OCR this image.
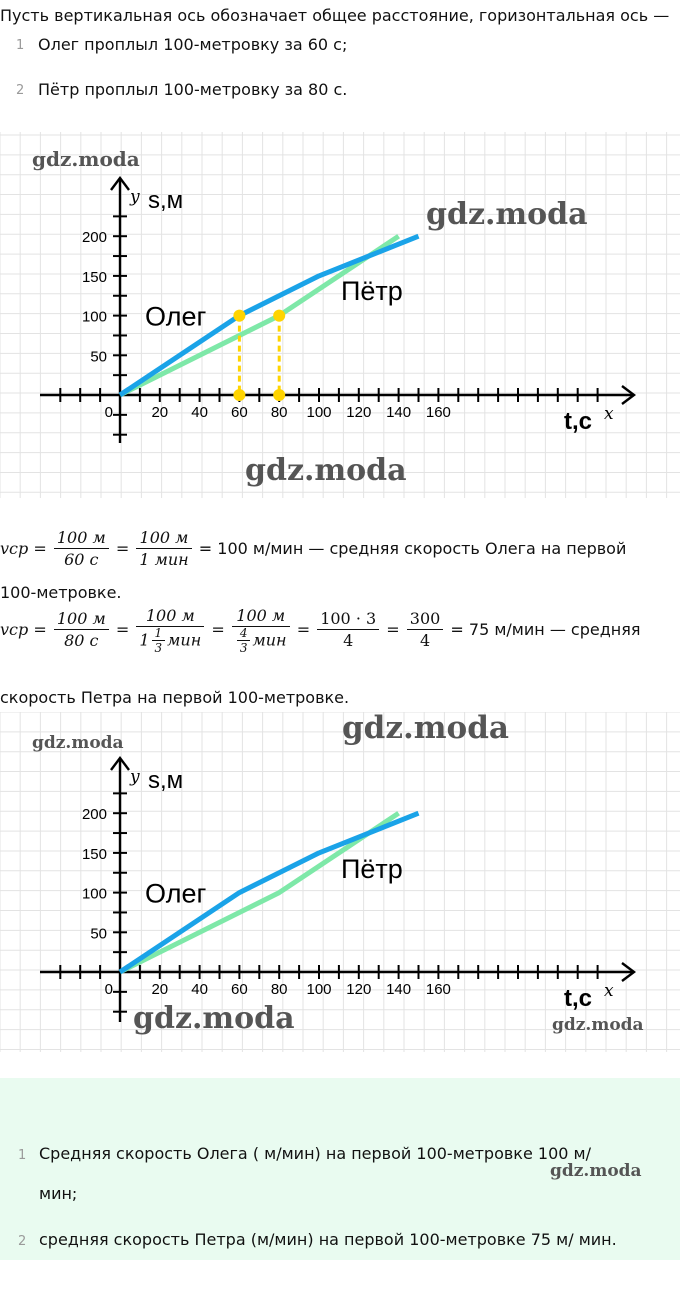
Пусть вертикальная ось обозначает общее расстояние, горизонтальная ось —
1 Олег проплыл 100-метровку за 60 с;
2 Пётр проплыл 100-метровку за 80 с.
20 40 60 80 100 120 140 160
50
100
150
200
0
y s,м
t,с x
Олег
Пётр
gdz.moda
gdz.moda
gdz.moda
vср = $\frac{100 м}{60 с} = \frac{100 м}{\text{1 мин}} = 100$ м/мин — средняя скорость Олега на первой
100-метровке.
vср = $\frac{100 м}{80 с} = \frac{100 м}{1 \frac{1}{3} мин} = \frac{100 м}{\frac{4}{3} мин} = \frac{100 \cdot 3}{4} = \frac{300}{4} = 75$ м/мин — средняя
скорость Петра на первой 100-метровке.
20 40 60 80 100 120 140 160
50
100
150
200
0
y s,м
t,с x
Олег
Пётр
gdz.moda	gdz.moda
gdz.moda	gdz.moda
1 Средняя скорость Олега ( м/мин) на первой 100-метровке 100 м/
мин;
2 средняя скорость Петра (м/мин) на первой 100-метровке 75 м/ мин.
gdz.moda
